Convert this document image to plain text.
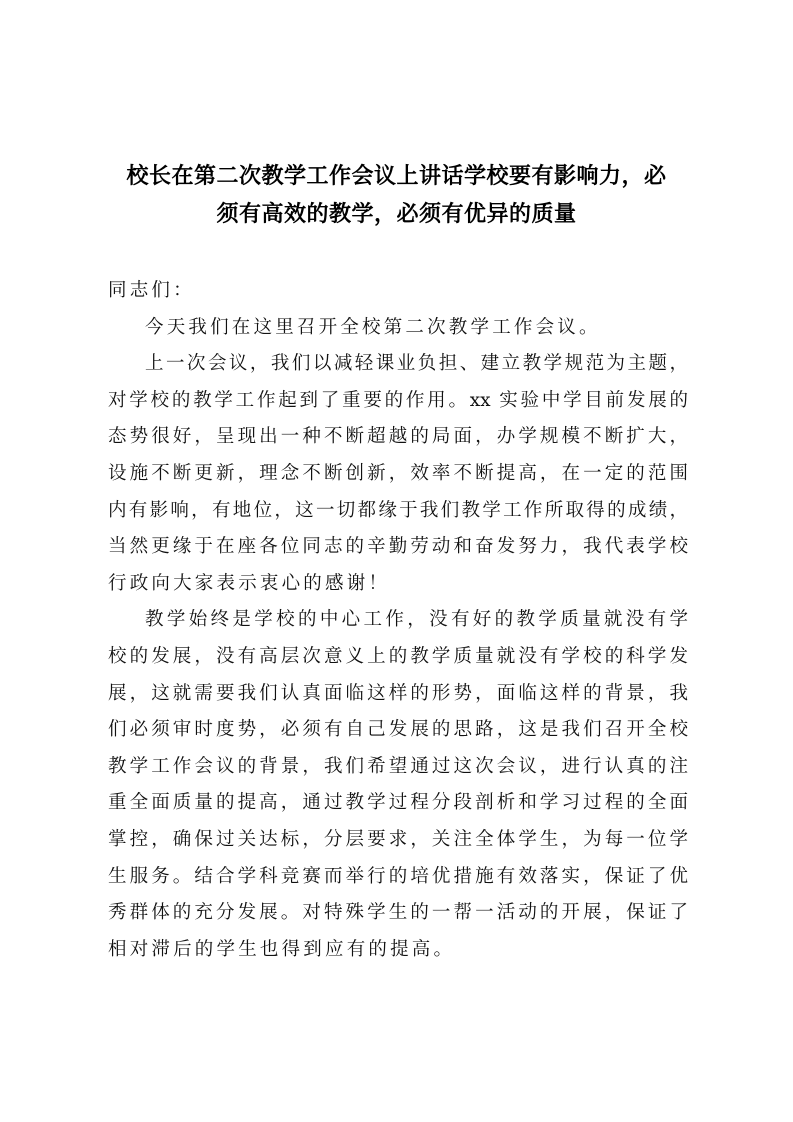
校长在第二次教学工作会议上讲话学校要有影响力，必
须有高效的教学，必须有优异的质量
同志们：
今天我们在这里召开全校第二次教学工作会议。
上一次会议，我们以减轻课业负担、建立教学规范为主题，
对学校的教学工作起到了重要的作用。xx 实验中学目前发展的
态势很好，呈现出一种不断超越的局面，办学规模不断扩大，
设施不断更新，理念不断创新，效率不断提高，在一定的范围
内有影响，有地位，这一切都缘于我们教学工作所取得的成绩，
当然更缘于在座各位同志的辛勤劳动和奋发努力，我代表学校
行政向大家表示衷心的感谢！
教学始终是学校的中心工作，没有好的教学质量就没有学
校的发展，没有高层次意义上的教学质量就没有学校的科学发
展，这就需要我们认真面临这样的形势，面临这样的背景，我
们必须审时度势，必须有自己发展的思路，这是我们召开全校
教学工作会议的背景，我们希望通过这次会议，进行认真的注
重全面质量的提高，通过教学过程分段剖析和学习过程的全面
掌控，确保过关达标，分层要求，关注全体学生，为每一位学
生服务。结合学科竞赛而举行的培优措施有效落实，保证了优
秀群体的充分发展。对特殊学生的一帮一活动的开展，保证了
相对滞后的学生也得到应有的提高。
